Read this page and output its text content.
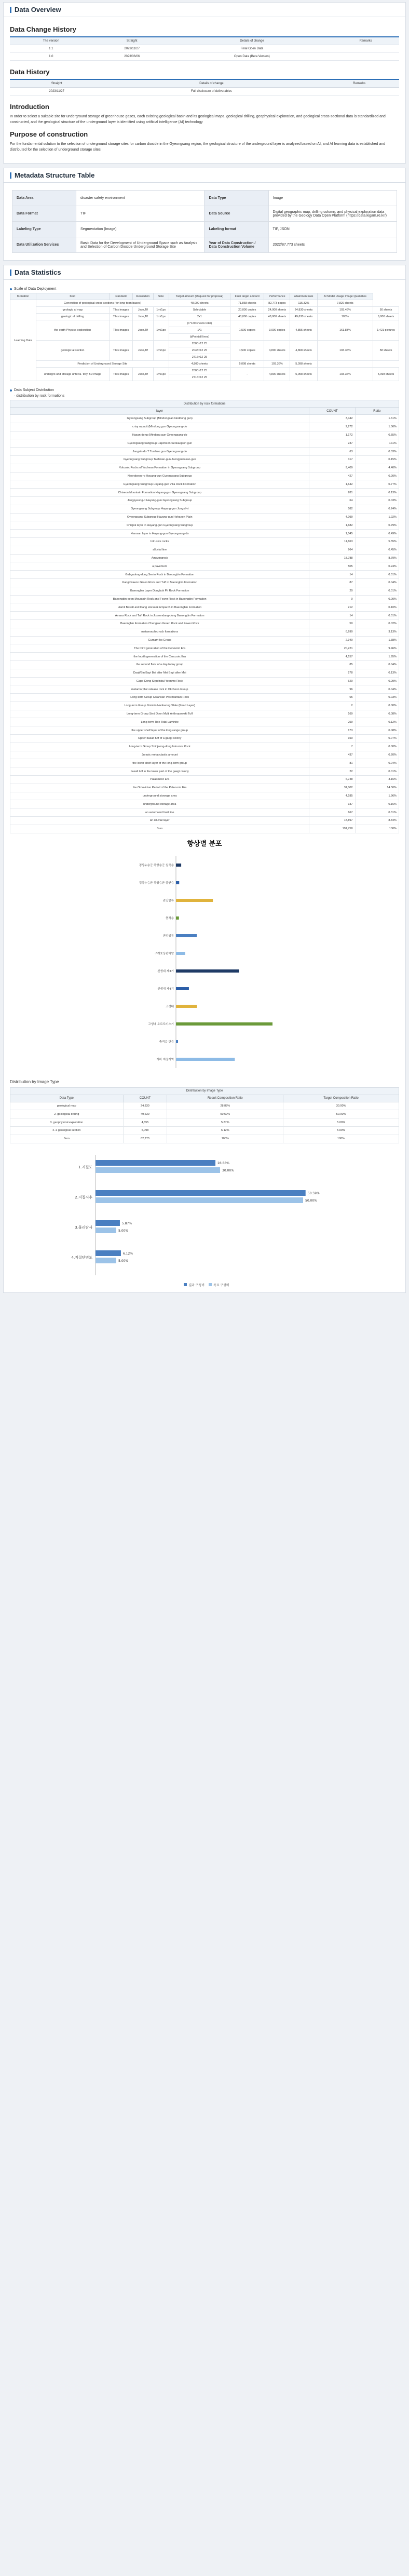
Data Overview
Data Change History
The version	Straight	Details of change	Remarks
1.1	2023/11/27	Final Open Data	
1.0	2023/06/06	Open Data (Beta Version)	
Data History
Straight	Details of change	Remarks
2023/11/27	Full disclosure of deliverables	
Introduction

In order to select a suitable site for underground storage of greenhouse gases, each existing geological basin and its geological maps, geological drilling, geophysical exploration, and geological cross-sectional data is standardized and constructed, and the geological structure of the underground layer is identified using artificial intelligence (AI) technology

Purpose of construction

For the fundamental solution to the selection of underground storage sites for carbon dioxide in the Gyeongsang region, the geological structure of the underground layer is analyzed based on AI, and AI learning data is established and distributed for the selection of underground storage sites

Metadata Structure Table
Data Area	disaster safety environment	Data Type	Image
Data Format	TIF	Data Source	Digital geographic map, drilling column, and physical exploration data provided by the Geology Data Open Platform (https://data.kigam.re.kr/)
Labeling Type	Segmentation (Image)	Labeling format	TIF, JSON
Data Utilization Services	Basic Data for the Development of Underground Space such as Analysis and Selection of Carbon Dioxide Underground Storage Site	Year of Data Construction / Data Construction Volume	2022/87,773 sheets
Data Statistics
Scale of Data Deployment
formation	Kind	standard	Resolution	Size	Target amount (Request for proposal)	Final target amount	Performance	attainment rate	AI Model Usage Image Quantities	
Learning Data	Generation of geological cross-sections (for long-term bases)				48,000 sheets	71,868 sheets	82,773 pages	115.32%	7,829 sheets	
	geologic al map	Tiles images	Json,Tif	1m/1px	Selectable	20,000 copies	24,000 sheets	24,830 sheets	103.46%	50 sheets
	geologic al drilling	Tiles images	Json,Tif	1m/1px	2x1	48,000 copies	48,000 sheets	49,630 sheets	103%	6,000 sheets
	the earth Physics exploration	Tiles images	Json,Tif	1m/1px	(1*120 sheets total)	1,500 copies	3,000 copies	4,855 sheets	161.83%	1,421 pictures
					1*1					
					(dPointall lines)					
	geologic al section	Tiles images	Json,Tif	1m/1px	2000×12 25	1,500 copies	4,800 sheets	4,868 sheets	103.36%	58 sheets
					2048×12 25					
					2716×12 25					
	Prediction of Underground Storage Site				4,800 sheets	5,098 sheets	103.36%	5,098 sheets		
	undergro und storage unterra- tory, 5D image	Tiles images	Json,Tif	1m/1px	2000×12 25	-	4,800 sheets	5,058 sheets	103.36%	5,098 sheets
					2716×12 25					
Data Subject Distribution
· distribution by rock formations
Distribution by rock formations		
layer	COUNT	Ratio
Gyeongsang Subgroup (Mindongsan Neddong gun)	3,442	1.61%
crisy rapacit (Mindong gun Gyeongsang-do	2,272	1.06%
Hasan-dong (Mindong gun Gyeongsang-do	1,172	0.55%
Gyeongsang Subgroup Hapcheon Seokaejeon gun	237	0.11%
Jangsin-do T Tumbeo gun Gyeongsang-do	63	0.03%
Gyeongsang Subgroup Taehwan-gun Jeongpabasan-gun	317	0.15%
Volcanic Rocks of Yuchean Formation in Gyeongsang Subgroup	9,409	4.40%
Neorobeon-ro Hayang-gun Gyeongsang Subgroup	427	0.20%
Gyeongsang Subgroup Hayang-gun Villa Rock Formation	1,642	0.77%
Chiseon Mountain Formation Hayang-gun Gyeongsang Subgroup	281	0.13%
Jangpyeong-ri Hayang-gun Gyeongsang Subgroup	64	0.03%
Gyeongsang Subgroup Hayang-gun Jungsil-ri	582	0.24%
Gyeongsang Subgroup Hayang-gun Hohaeon Plain	4,099	1.92%
Chilgok layer in Hayang-gun Gyeongsang Subgroup	1,682	0.79%
Hamsan layer in Hayang-gun Gyeongsang-do	1,045	0.49%
Intrusive rocks	11,863	5.55%
alluvial line	964	0.45%
Amazingrock	18,788	8.79%
a pavement	505	0.24%
Gabgadong-dong Sento Rock in Baeongbin Formation	14	0.01%
Kangdwaeon Green Rock and Tuff in Baeongbin Formation	87	0.04%
Baeongbin Layer Dongbuk Pit Rock Formation	20	0.01%
Baeongbin-seon Mountain Rock and Fewer Rock in Baeongbin Formation	0	0.00%
Hamil Basalt and Dang Horseok Amparch in Baeongbin Formation	212	0.10%
Amass Rock and Tuff Rock in Joseondang-dong Baeongbin Formation	14	0.01%
Baeongbin Formation Chengsan Green Rock and Fewer Rock	50	0.02%
metamorphic rock formations	6,690	3.13%
Gumam-ho Group	2,940	1.38%
The third generation of the Cenozoic Era	20,221	9.46%
the fourth generation of the Cenozoic Era	4,157	1.95%
the second floor of a day-today group	85	0.04%
Daoji/Bin Bayi Bei after Mei Bayi after Mei	278	0.13%
Gapo-Dong Sirpelnbul Yeonmo Rock	620	0.29%
metamorphic release rock in Okcheon Group	96	0.04%
Long-term Group Gwansan Postmantain Rock	65	0.03%
Long-term Group Jimimin Hanbeong Slate (Pearl Layer)	2	0.00%
Long-term Group Sind Doon Multi Anthropowski Tuff	169	0.08%
Long-term Tide Tidal Laminite	259	0.12%
the upper shelf layer of the long-range group	173	0.08%
Upper basalt tuff of a gaegi colony	150	0.07%
Long-term Group Shinjeong-dong Intrusive Rock	7	0.00%
Jurasic metaoclastic amount	437	0.20%
the lower shelf layer of the long-term group	81	0.04%
basalt tuff in the lower part of the gaegi colony	22	0.01%
Palaeozoic Era	6,748	3.16%
the Ordovician Period of the Paleozoic Era	31,002	14.50%
underground stowage area	4,185	1.96%
underground storage area	337	0.16%
an automated fault line	667	0.31%
an alluvial layer	18,897	8.84%
Sum	191,758	100%
항상별 분포
경상누층군 하양층군 칠곡층
경상누층군 하양층군 함안층
관입암류
충적층
변성암류
구례호상편마암
신생대 제3기
신생대 제4기
고생대
고생대 오르도비스기
충적층 단층
지하 저장지역
Distribution by Image Type
Distribution by Image Type			
Data Type	COUNT	Result Composition Ratio	Target Composition Ratio
geological map	24,830	28.88%	30.00%
2. geological drilling	49,630	50.59%	50.00%
3. geophysical exploration	4,855	5.87%	5.00%
4. a geological section	5,098	6.12%	5.00%
Sum	82,773	100%	100%
1.지질도
28.88%
30.00%
2.지질시추
50.59%
50.00%
3.물리탐사
5.87%
5.00%
4.지질단면도
6.12%
5.00%
결과 구성비	목표 구성비
